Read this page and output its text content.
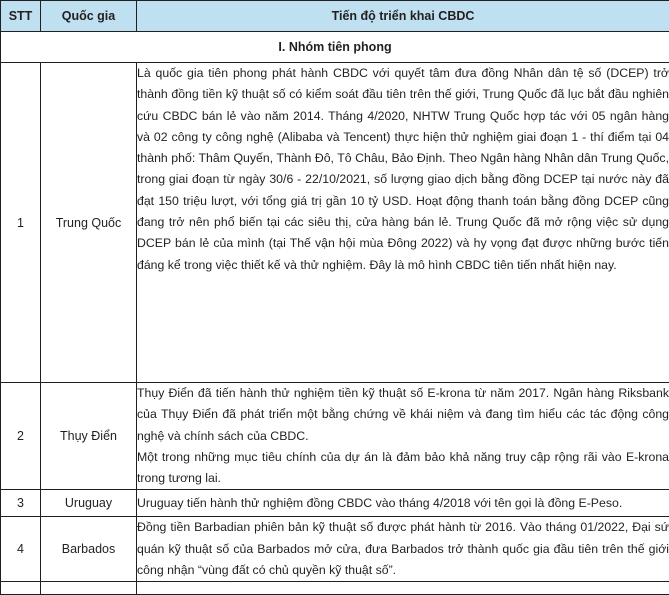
STT	Quốc gia	Tiến độ triển khai CBDC
I. Nhóm tiên phong		
1	Trung Quốc	Là quốc gia tiên phong phát hành CBDC với quyết tâm đưa đồng Nhân dân tệ số (DCEP) trở thành đồng tiền kỹ thuật số có kiểm soát đầu tiên trên thế giới, Trung Quốc đã lục bắt đầu nghiên cứu CBDC bán lẻ vào năm 2014. Tháng 4/2020, NHTW Trung Quốc hợp tác với 05 ngân hàng và 02 công ty công nghệ (Alibaba và Tencent) thực hiện thử nghiệm giai đoạn 1 - thí điểm tại 04 thành phố: Thâm Quyến, Thành Đô, Tô Châu, Bảo Định. Theo Ngân hàng Nhân dân Trung Quốc, trong giai đoạn từ ngày 30/6 - 22/10/2021, số lượng giao dịch bằng đồng DCEP tại nước này đã đạt 150 triệu lượt, với tổng giá trị gần 10 tỷ USD. Hoạt động thanh toán bằng đồng DCEP cũng đang trở nên phổ biến tại các siêu thị, cửa hàng bán lẻ. Trung Quốc đã mở rộng việc sử dụng DCEP bán lẻ của mình (tại Thế vận hội mùa Đông 2022) và hy vọng đạt được những bước tiến đáng kể trong việc thiết kế và thử nghiệm. Đây là mô hình CBDC tiên tiến nhất hiện nay.

2	Thụy Điển	Thụy Điển đã tiến hành thử nghiệm tiền kỹ thuật số E-krona từ năm 2017. Ngân hàng Riksbank của Thụy Điển đã phát triển một bằng chứng về khái niệm và đang tìm hiểu các tác động công nghệ và chính sách của CBDC.

Một trong những mục tiêu chính của dự án là đảm bảo khả năng truy cập rộng rãi vào E-krona trong tương lai.

3	Uruguay	Uruguay tiến hành thử nghiệm đồng CBDC vào tháng 4/2018 với tên gọi là đồng E-Peso.

4	Barbados	Đồng tiền Barbadian phiên bản kỹ thuật số được phát hành từ 2016. Vào tháng 01/2022, Đại sứ quán kỹ thuật số của Barbados mở cửa, đưa Barbados trở thành quốc gia đầu tiên trên thế giới công nhận “vùng đất có chủ quyền kỹ thuật số”.
